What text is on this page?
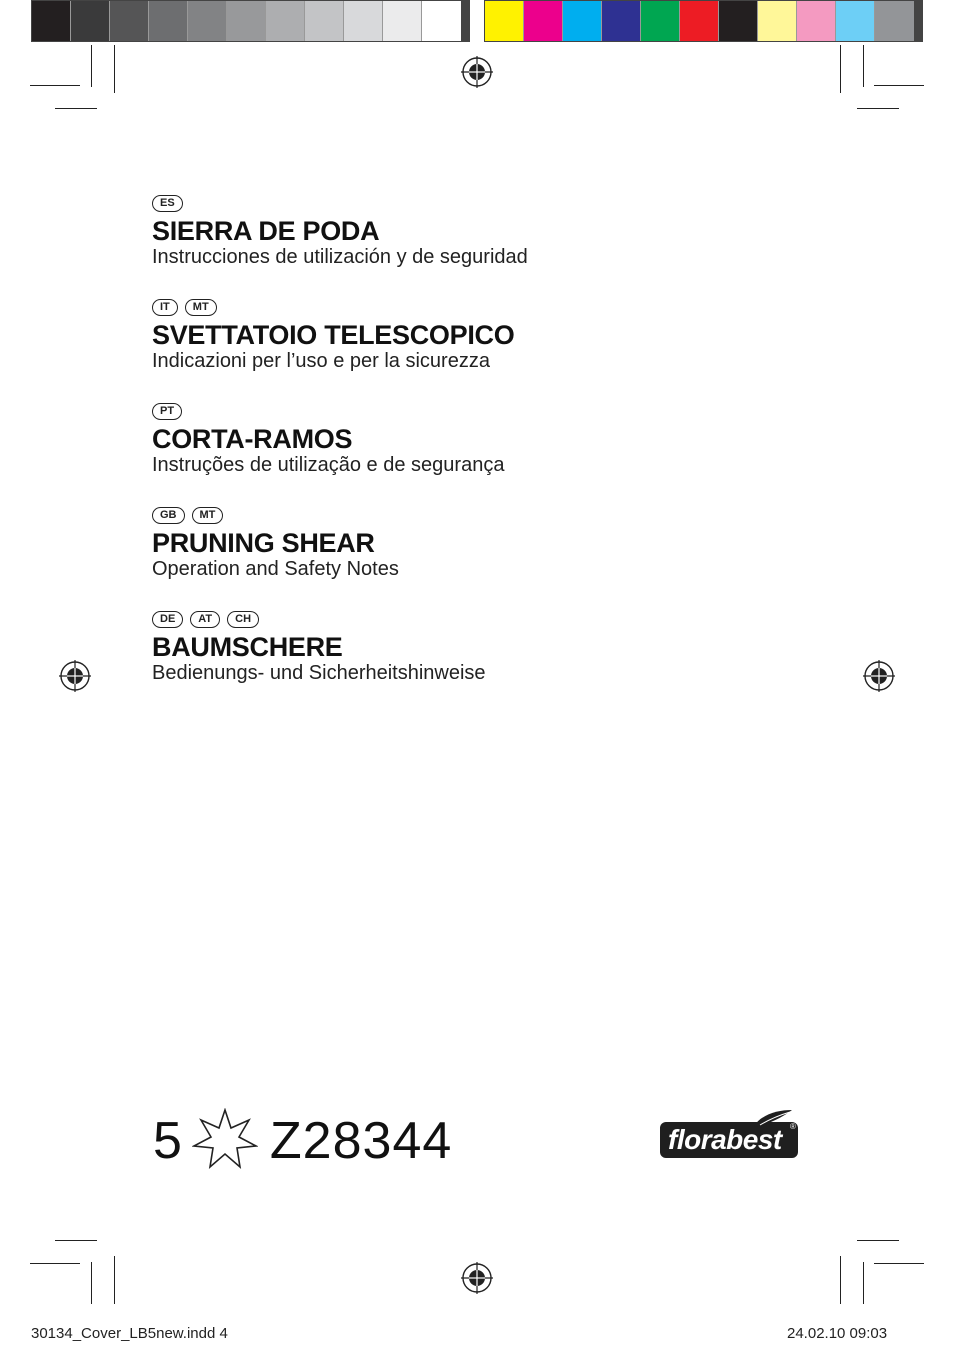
ES
SIERRA DE PODA
Instrucciones de utilización y de seguridad
IT	MT
SVETTATOIO TELESCOPICO
Indicazioni per l’uso e per la sicurezza
PT
CORTA-RAMOS
Instruções de utilização e de segurança
GB	MT
PRUNING SHEAR
Operation and Safety Notes
DE	AT	CH
BAUMSCHERE
Bedienungs- und Sicherheitshinweise
5 Z28344	florabest ®
30134_Cover_LB5new.indd 4	24.02.10 09:03
